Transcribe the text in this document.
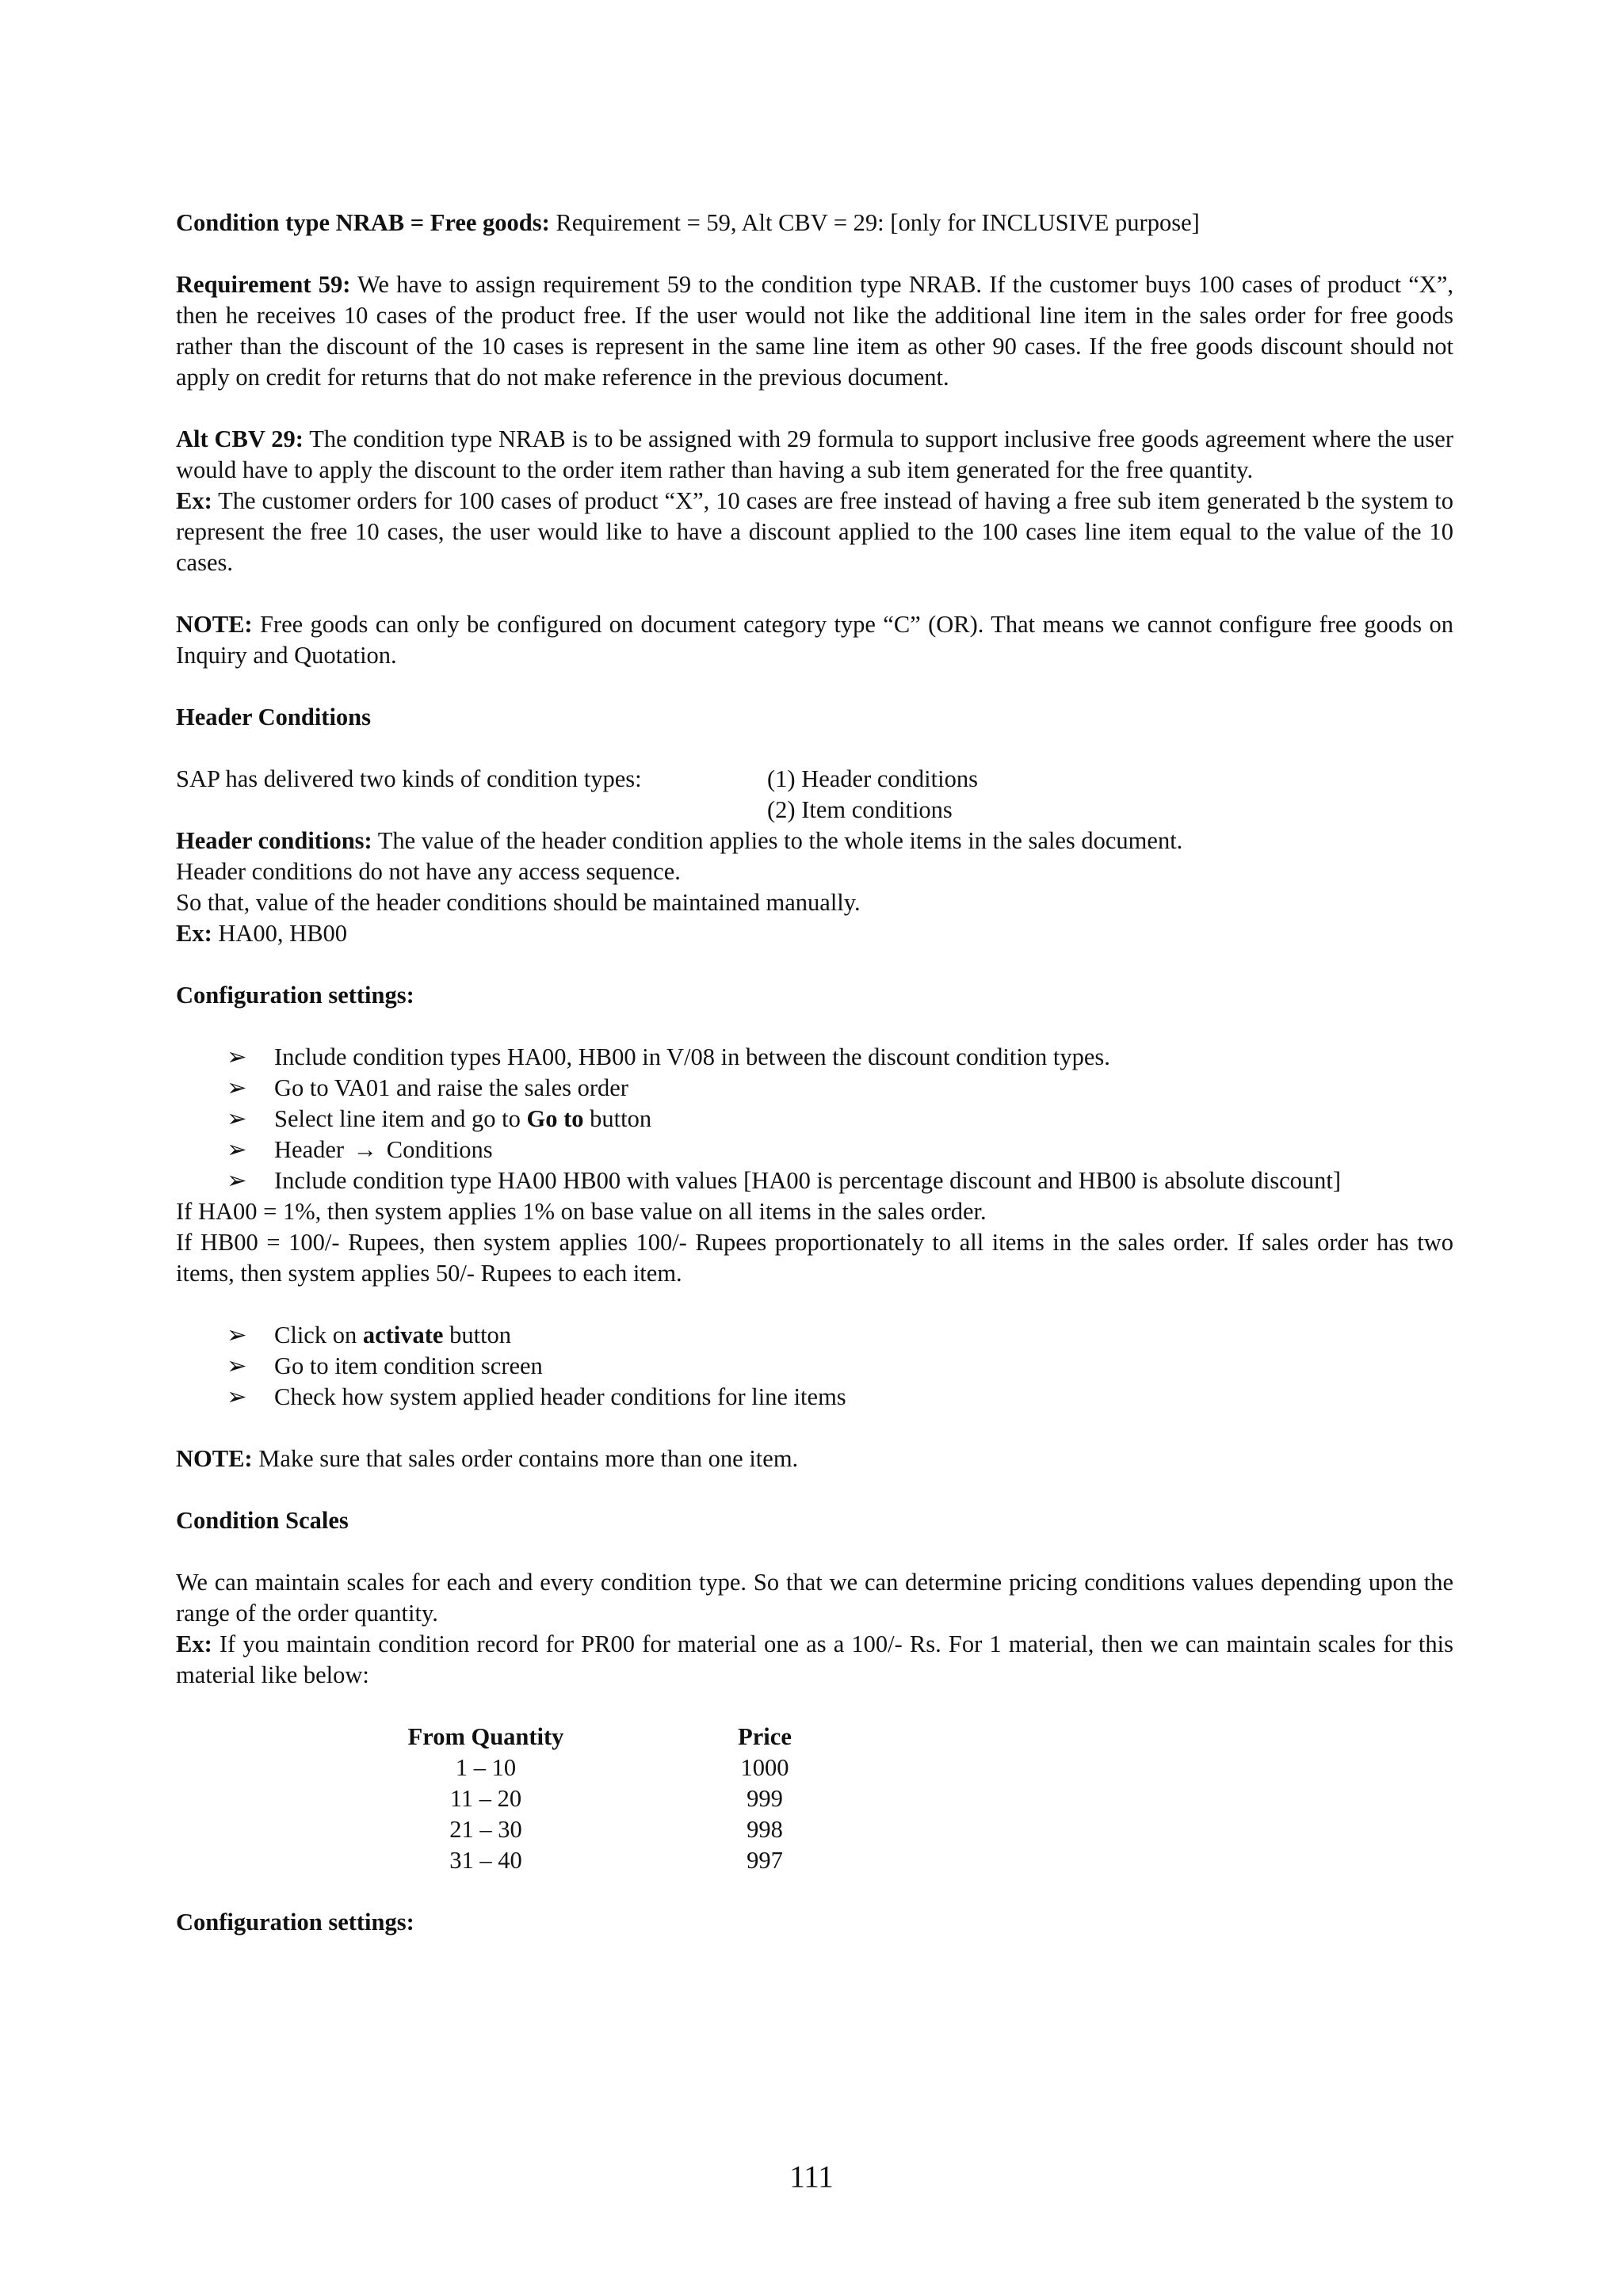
Condition type NRAB = Free goods: Requirement = 59, Alt CBV = 29: [only for INCLUSIVE purpose]

Requirement 59: We have to assign requirement 59 to the condition type NRAB. If the customer buys 100 cases of product “X”, then he receives 10 cases of the product free. If the user would not like the additional line item in the sales order for free goods rather than the discount of the 10 cases is represent in the same line item as other 90 cases. If the free goods discount should not apply on credit for returns that do not make reference in the previous document.

Alt CBV 29: The condition type NRAB is to be assigned with 29 formula to support inclusive free goods agreement where the user would have to apply the discount to the order item rather than having a sub item generated for the free quantity.

Ex: The customer orders for 100 cases of product “X”, 10 cases are free instead of having a free sub item generated b the system to represent the free 10 cases, the user would like to have a discount applied to the 100 cases line item equal to the value of the 10 cases.

NOTE: Free goods can only be configured on document category type “C” (OR). That means we cannot configure free goods on Inquiry and Quotation.

Header Conditions

SAP has delivered two kinds of condition types:	(1) Header conditions
(2) Item conditions

Header conditions: The value of the header condition applies to the whole items in the sales document.

Header conditions do not have any access sequence.

So that, value of the header conditions should be maintained manually.

Ex: HA00, HB00

Configuration settings:

➢	Include condition types HA00, HB00 in V/08 in between the discount condition types.
➢	Go to VA01 and raise the sales order
➢	Select line item and go to Go to button
➢	Header → Conditions
➢	Include condition type HA00 HB00 with values [HA00 is percentage discount and HB00 is absolute discount]

If HA00 = 1%, then system applies 1% on base value on all items in the sales order.

If HB00 = 100/- Rupees, then system applies 100/- Rupees proportionately to all items in the sales order. If sales order has two items, then system applies 50/- Rupees to each item.

➢	Click on activate button
➢	Go to item condition screen
➢	Check how system applied header conditions for line items

NOTE: Make sure that sales order contains more than one item.

Condition Scales

We can maintain scales for each and every condition type. So that we can determine pricing conditions values depending upon the range of the order quantity.

Ex: If you maintain condition record for PR00 for material one as a 100/- Rs. For 1 material, then we can maintain scales for this material like below:

From Quantity	Price
1 – 10	1000
11 – 20	999
21 – 30	998
31 – 40	997

Configuration settings:

111
